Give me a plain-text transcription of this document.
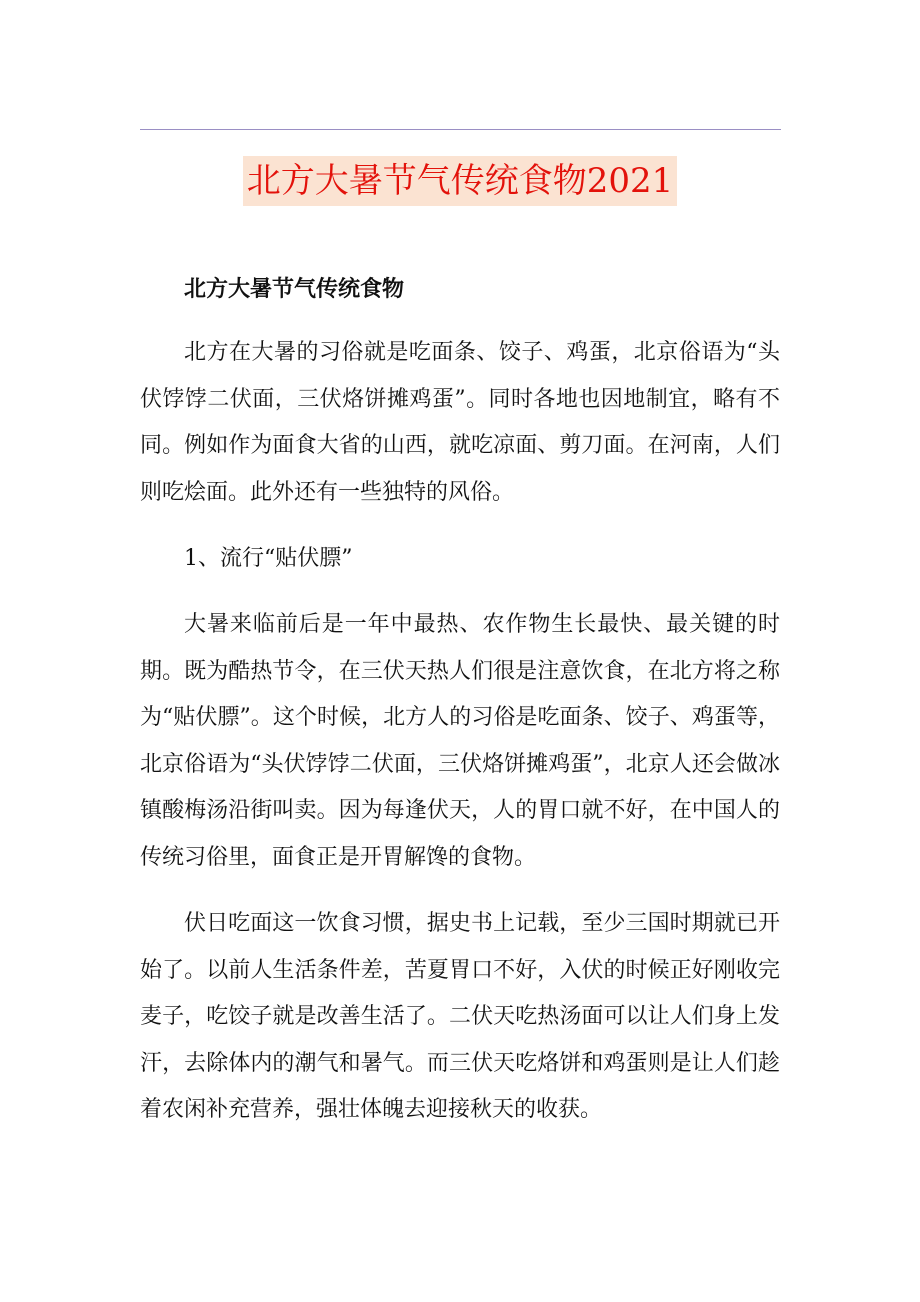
北方大暑节气传统食物2021

北方大暑节气传统食物

北方在大暑的习俗就是吃面条、饺子、鸡蛋，北京俗语为“头伏饽饽二伏面，三伏烙饼摊鸡蛋”。同时各地也因地制宜，略有不同。例如作为面食大省的山西，就吃凉面、剪刀面。在河南，人们则吃烩面。此外还有一些独特的风俗。

1、流行“贴伏膘”

大暑来临前后是一年中最热、农作物生长最快、最关键的时期。既为酷热节令，在三伏天热人们很是注意饮食，在北方将之称为“贴伏膘”。这个时候，北方人的习俗是吃面条、饺子、鸡蛋等，北京俗语为“头伏饽饽二伏面，三伏烙饼摊鸡蛋”，北京人还会做冰镇酸梅汤沿街叫卖。因为每逢伏天，人的胃口就不好，在中国人的传统习俗里，面食正是开胃解馋的食物。

伏日吃面这一饮食习惯，据史书上记载，至少三国时期就已开始了。以前人生活条件差，苦夏胃口不好，入伏的时候正好刚收完麦子，吃饺子就是改善生活了。二伏天吃热汤面可以让人们身上发汗，去除体内的潮气和暑气。而三伏天吃烙饼和鸡蛋则是让人们趁着农闲补充营养，强壮体魄去迎接秋天的收获。
